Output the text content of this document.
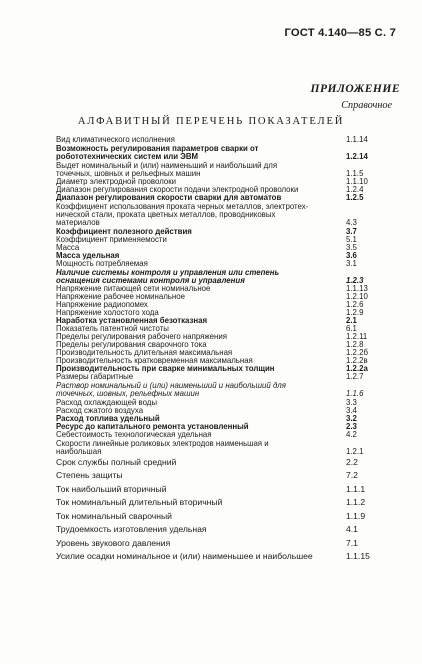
ГОСТ 4.140—85 С. 7
ПРИЛОЖЕНИЕ
Справочное
АЛФАВИТНЫЙ ПЕРЕЧЕНЬ ПОКАЗАТЕЛЕЙ
Вид климатического исполнения	1.1.14
Возможность регулирования параметров сварки от
робототехнических систем или ЭВМ	1.2.14
Выдет номинальный и (или) наименьший и наибольший для
точечных, шовных и рельефных машин	1.1.5
Диаметр электродной проволоки	1.1.10
Диапазон регулирования скорости подачи электродной проволоки	1.2.4
Диапазон регулирования скорости сварки для автоматов	1.2.5
Коэффициент использования проката черных металлов, электротех-
нической стали, проката цветных металлов, проводниковых
материалов	4.3
Коэффициент полезного действия	3.7
Коэффициент применяемости	5.1
Масса	3.5
Масса удельная	3.6
Мощность потребляемая	3.1
Наличие системы контроля и управления или степень
оснащения системами контроля и управления	1.2.3
Напряжение питающей сети номинальное	1.1.13
Напряжение рабочее номинальное	1.2.10
Напряжение радиопомех	1.2.6
Напряжение холостого хода	1.2.9
Наработка установленная безотказная	2.1
Показатель патентной чистоты	6.1
Пределы регулирования рабочего напряжения	1.2.11
Пределы регулирования сварочного тока	1.2.8
Производительность длительная максимальная	1.2.2б
Производительность кратковременная максимальная	1.2.2в
Производительность при сварке минимальных толщин	1.2.2а
Размеры габаритные	1.2.7
Раствор номинальный и (или) наименьший и наибольший для
точечных, шовных, рельефных машин	1.1.6
Расход охлаждающей воды	3.3
Расход сжатого воздуха	3.4
Расход топлива удельный	3.2
Ресурс до капитального ремонта установленный	2.3
Себестоимость технологическая удельная	4.2
Скорости линейные роликовых электродов наименьшая и
наибольшая	1.2.1
Срок службы полный средний	2.2
Степень защиты	7.2
Ток наибольший вторичный	1.1.1
Ток номинальный длительный вторичный	1.1.2
Ток номинальный сварочный	1.1.9
Трудоемкость изготовления удельная	4.1
Уровень звукового давления	7.1
Усилие осадки номинальное и (или) наименьшее и наибольшее	1.1.15
